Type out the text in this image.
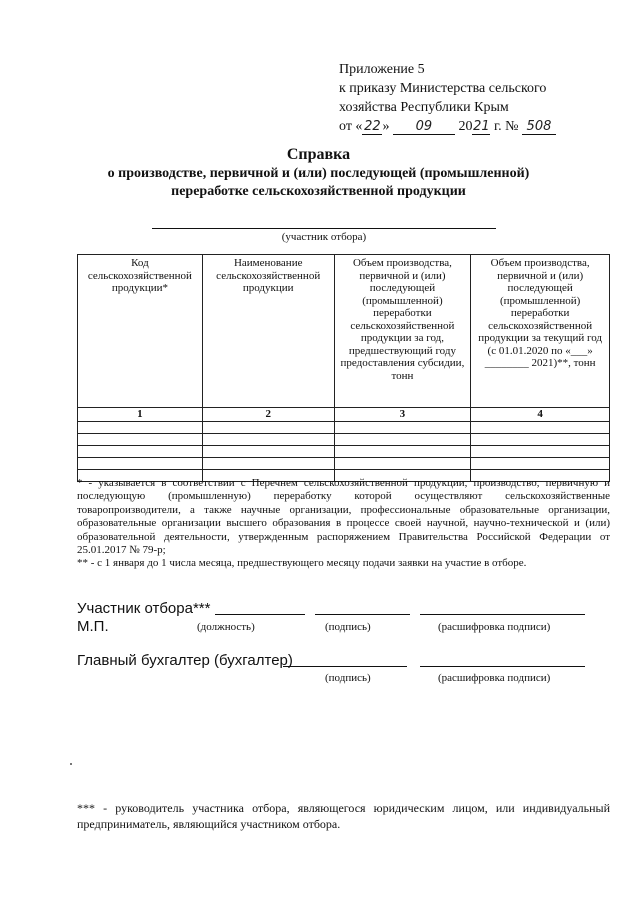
Приложение 5
к приказу Министерства сельского
хозяйства Республики Крым
от « 22 » 09 2021 г. № 508
Справка
о производстве, первичной и (или) последующей (промышленной)
переработке сельскохозяйственной продукции
(участник отбора)
Код сельскохозяйственной продукции*	Наименование сельскохозяйственной продукции	Объем производства, первичной и (или) последующей (промышленной) переработки сельскохозяйственной продукции за год, предшествующий году предоставления субсидии, тонн	Объем производства, первичной и (или) последующей (промышленной) переработки сельскохозяйственной продукции за текущий год (с 01.01.2020 по «___» ________ 2021)**, тонн
1	2	3	4

* - указывается в соответствии с Перечнем сельскохозяйственной продукции, производство, первичную и последующую (промышленную) переработку которой осуществляют сельскохозяйственные товаропроизводители, а также научные организации, профессиональные образовательные организации, образовательные организации высшего образования в процессе своей научной, научно-технической и (или) образовательной деятельности, утвержденным распоряжением Правительства Российской Федерации от 25.01.2017 № 79-р;

** - с 1 января до 1 числа месяца, предшествующего месяцу подачи заявки на участие в отборе.

Участник отбора***
М.П.	(должность)	(подпись)	(расшифровка подписи)
Главный бухгалтер (бухгалтер)
(подпись)	(расшифровка подписи)

*** - руководитель участника отбора, являющегося юридическим лицом, или индивидуальный предприниматель, являющийся участником отбора.
